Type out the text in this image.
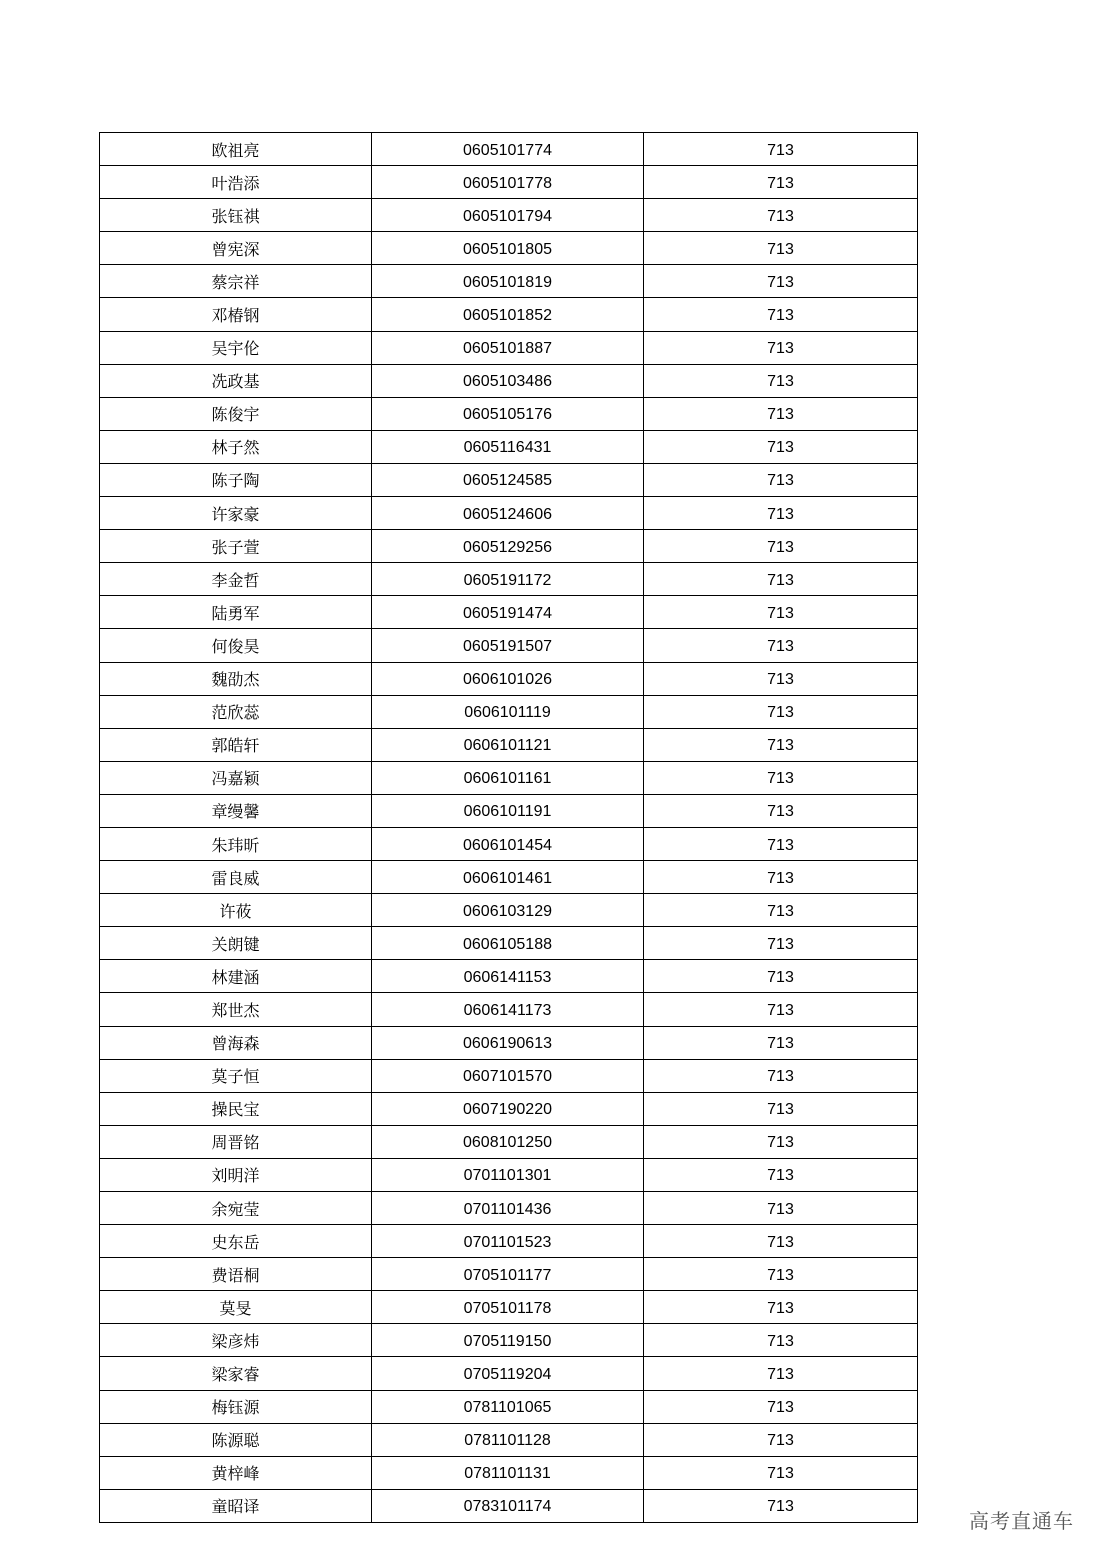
欧祖亮	0605101774	713
叶浩添	0605101778	713
张钰祺	0605101794	713
曾宪深	0605101805	713
蔡宗祥	0605101819	713
邓椿钢	0605101852	713
吴宇伦	0605101887	713
冼政基	0605103486	713
陈俊宇	0605105176	713
林子然	0605116431	713
陈子陶	0605124585	713
许家豪	0605124606	713
张子萱	0605129256	713
李金哲	0605191172	713
陆勇军	0605191474	713
何俊昊	0605191507	713
魏劭杰	0606101026	713
范欣蕊	0606101119	713
郭皓轩	0606101121	713
冯嘉颖	0606101161	713
章缦馨	0606101191	713
朱玮昕	0606101454	713
雷良威	0606101461	713
许莜	0606103129	713
关朗键	0606105188	713
林建涵	0606141153	713
郑世杰	0606141173	713
曾海森	0606190613	713
莫子恒	0607101570	713
操民宝	0607190220	713
周晋铭	0608101250	713
刘明洋	0701101301	713
余宛莹	0701101436	713
史东岳	0701101523	713
费语桐	0705101177	713
莫旻	0705101178	713
梁彦炜	0705119150	713
梁家睿	0705119204	713
梅钰源	0781101065	713
陈源聪	0781101128	713
黄梓峰	0781101131	713
童昭译	0783101174	713
高考直通车
